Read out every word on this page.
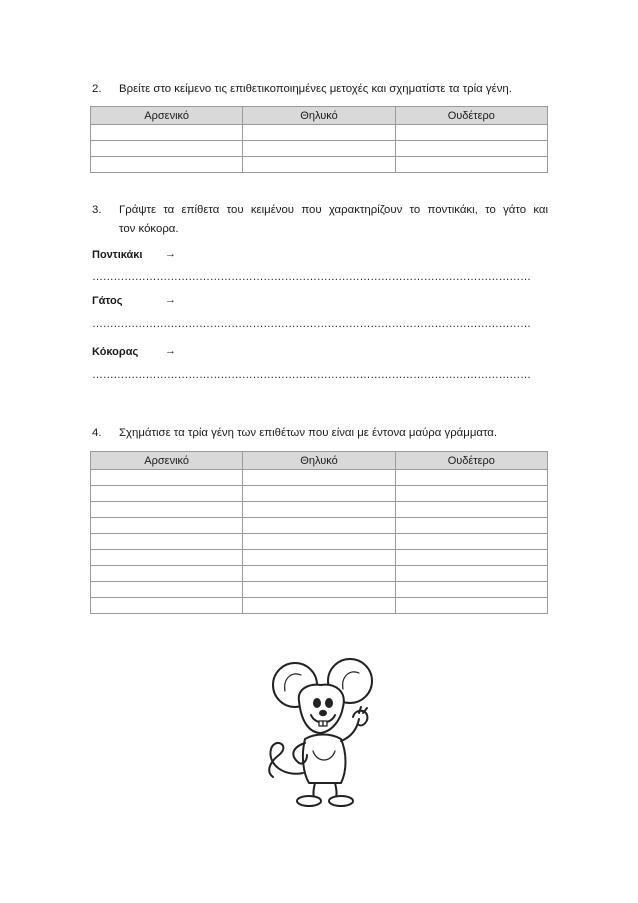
2. Βρείτε στο κείμενο τις επιθετικοποιημένες μετοχές και σχηματίστε τα τρία γένη.
Αρσενικό	Θηλυκό	Ουδέτερο

3. Γράψτε τα επίθετα του κειμένου που χαρακτηρίζουν το ποντικάκι, το γάτο και
τον κόκορα.
Ποντικάκι →
……………………………………………………………………………………………………………
Γάτος	→
……………………………………………………………………………………………………………
Κόκορας →
……………………………………………………………………………………………………………
4. Σχημάτισε τα τρία γένη των επιθέτων που είναι με έντονα μαύρα γράμματα.
Αρσενικό	Θηλυκό	Ουδέτερο
